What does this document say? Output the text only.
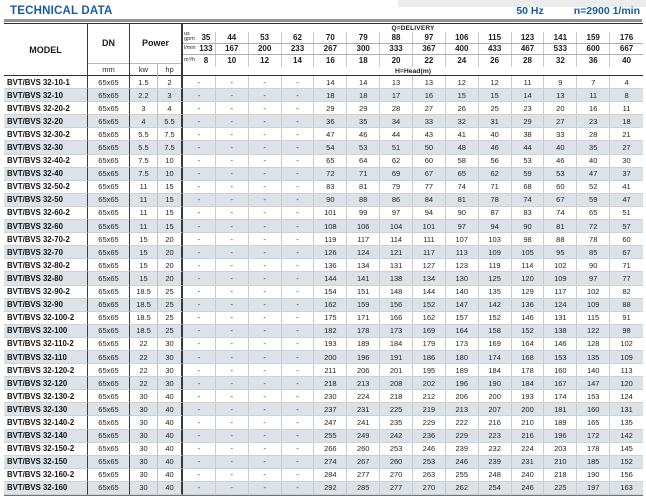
TECHNICAL DATA	50 Hz	n=2900 1/min
MODEL
DN
mm
Power
kw	hp
Q=DELIVERY
us gpm 35	44	53	62	70	79	88	97	106	115	123	141	159	176
l/min 133	167	200	233	267	300	333	367	400	433	467	533	600	667
m³/h	8	10	12	14	16	18	20	22	24	26	28	32	36	40
H=Head(m)
BVT/BVS 32-10-1	65x65	1.5	2	-	-	-	-	14	14	13	13	12	12	11	9	7	4
BVT/BVS 32-10	65x65	2.2	3	-	-	-	-	18	18	17	16	15	15	14	13	11	8
BVT/BVS 32-20-2	65x65	3	4	-	-	-	-	29	29	28	27	26	25	23	20	16	11
BVT/BVS 32-20	65x65	4	5.5	-	-	-	-	36	35	34	33	32	31	29	27	23	18
BVT/BVS 32-30-2	65x65	5.5	7.5	-	-	-	-	47	46	44	43	41	40	38	33	28	21
BVT/BVS 32-30	65x65	5.5	7.5	-	-	-	-	54	53	51	50	48	46	44	40	35	27
BVT/BVS 32-40-2	65x65	7.5	10	-	-	-	-	65	64	62	60	58	56	53	46	40	30
BVT/BVS 32-40	65x65	7.5	10	-	-	-	-	72	71	69	67	65	62	59	53	47	37
BVT/BVS 32-50-2	65x65	11	15	-	-	-	-	83	81	79	77	74	71	68	60	52	41
BVT/BVS 32-50	65x65	11	15	-	-	-	-	90	88	86	84	81	78	74	67	59	47
BVT/BVS 32-60-2	65x65	11	15	-	-	-	-	101	99	97	94	90	87	83	74	65	51
BVT/BVS 32-60	65x65	11	15	-	-	-	-	108	106	104	101	97	94	90	81	72	57
BVT/BVS 32-70-2	65x65	15	20	-	-	-	-	119	117	114	111	107	103	98	88	78	60
BVT/BVS 32-70	65x65	15	20	-	-	-	-	126	124	121	117	113	109	105	95	85	67
BVT/BVS 32-80-2	65x65	15	20	-	-	-	-	136	134	131	127	123	119	114	102	90	71
BVT/BVS 32-80	65x65	15	20	-	-	-	-	144	141	138	134	130	125	120	109	97	77
BVT/BVS 32-90-2	65x65	18.5	25	-	-	-	-	154	151	148	144	140	135	129	117	102	82
BVT/BVS 32-90	65x65	18.5	25	-	-	-	-	162	159	156	152	147	142	136	124	109	88
BVT/BVS 32-100-2	65x65	18.5	25	-	-	-	-	175	171	166	162	157	152	146	131	115	91
BVT/BVS 32-100	65x65	18.5	25	-	-	-	-	182	178	173	169	164	158	152	138	122	98
BVT/BVS 32-110-2	65x65	22	30	-	-	-	-	193	189	184	179	173	169	164	146	128	102
BVT/BVS 32-110	65x65	22	30	-	-	-	-	200	196	191	186	180	174	168	153	135	109
BVT/BVS 32-120-2	65x65	22	30	-	-	-	-	211	206	201	195	189	184	178	160	140	113
BVT/BVS 32-120	65x65	22	30	-	-	-	-	218	213	208	202	196	190	184	167	147	120
BVT/BVS 32-130-2	65x65	30	40	-	-	-	-	230	224	218	212	206	200	193	174	153	124
BVT/BVS 32-130	65x65	30	40	-	-	-	-	237	231	225	219	213	207	200	181	160	131
BVT/BVS 32-140-2	65x65	30	40	-	-	-	-	247	241	235	229	222	216	210	189	165	135
BVT/BVS 32-140	65x65	30	40	-	-	-	-	255	249	242	236	229	223	216	196	172	142
BVT/BVS 32-150-2	65x65	30	40	-	-	-	-	266	260	253	246	239	232	224	203	178	145
BVT/BVS 32-150	65x65	30	40	-	-	-	-	274	267	260	253	246	239	231	210	185	152
BVT/BVS 32-160-2	65x65	30	40	-	-	-	-	284	277	270	263	255	248	240	218	190	156
BVT/BVS 32-160	65x65	30	40	-	-	-	-	292	285	277	270	262	254	246	225	197	163
